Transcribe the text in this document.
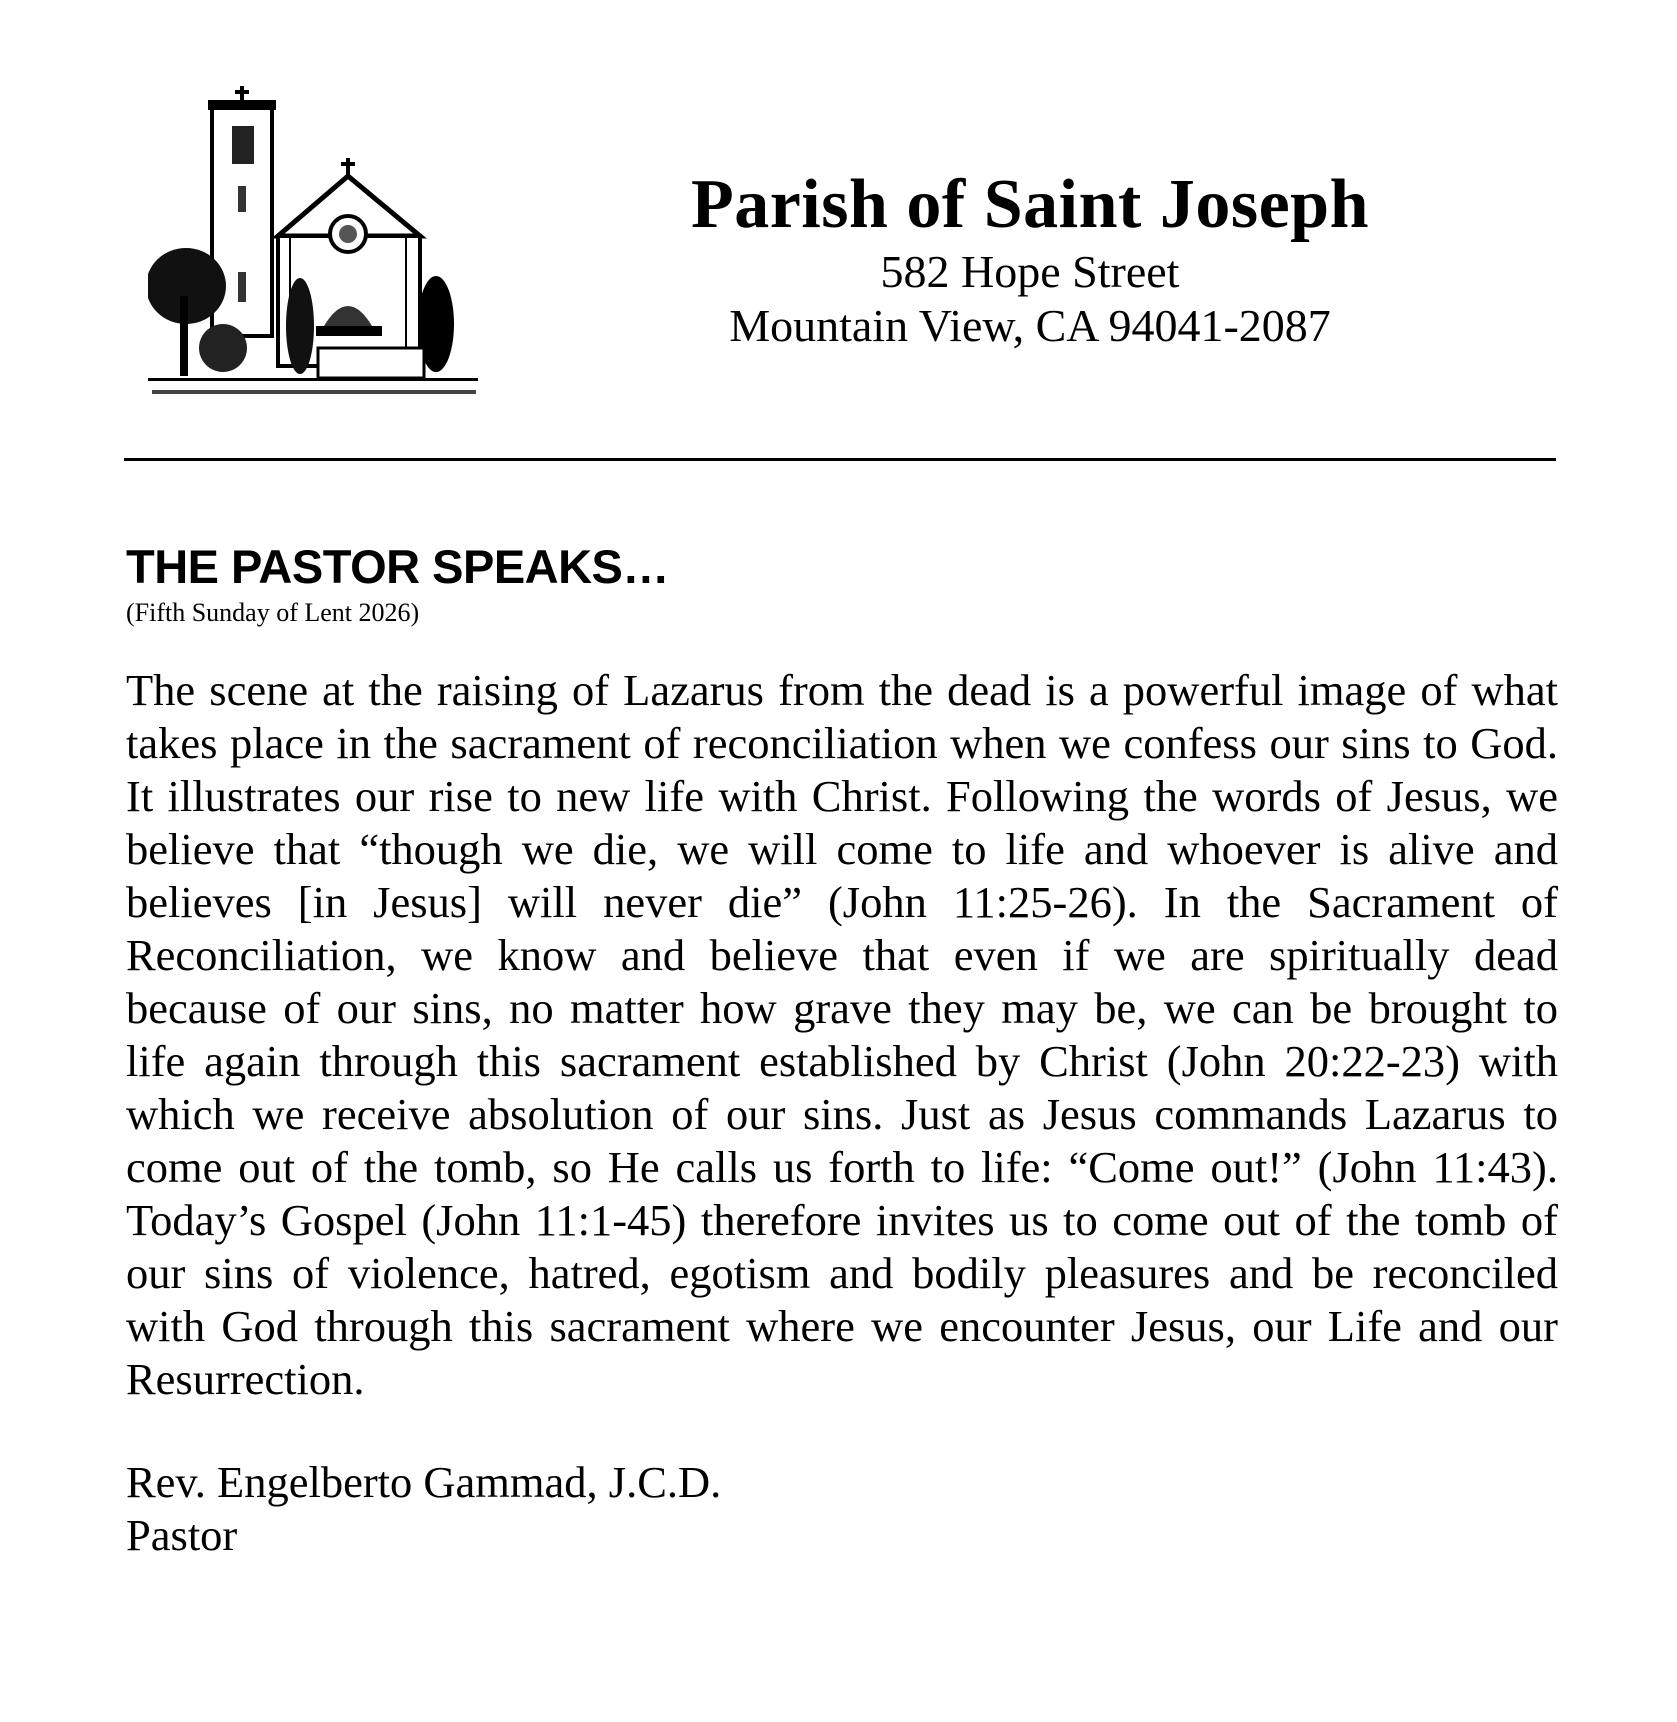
Parish of Saint Joseph

582 Hope Street

Mountain View, CA 94041-2087

THE PASTOR SPEAKS…

(Fifth Sunday of Lent 2026)

The scene at the raising of Lazarus from the dead is a powerful image of what
takes place in the sacrament of reconciliation when we confess our sins to God.
It illustrates our rise to new life with Christ. Following the words of Jesus, we
believe that “though we die, we will come to life and whoever is alive and
believes [in Jesus] will never die” (John 11:25-26). In the Sacrament of
Reconciliation, we know and believe that even if we are spiritually dead
because of our sins, no matter how grave they may be, we can be brought to
life again through this sacrament established by Christ (John 20:22-23) with
which we receive absolution of our sins. Just as Jesus commands Lazarus to
come out of the tomb, so He calls us forth to life: “Come out!” (John 11:43).
Today’s Gospel (John 11:1-45) therefore invites us to come out of the tomb of
our sins of violence, hatred, egotism and bodily pleasures and be reconciled
with God through this sacrament where we encounter Jesus, our Life and our
Resurrection.
Rev. Engelberto Gammad, J.C.D.
Pastor
